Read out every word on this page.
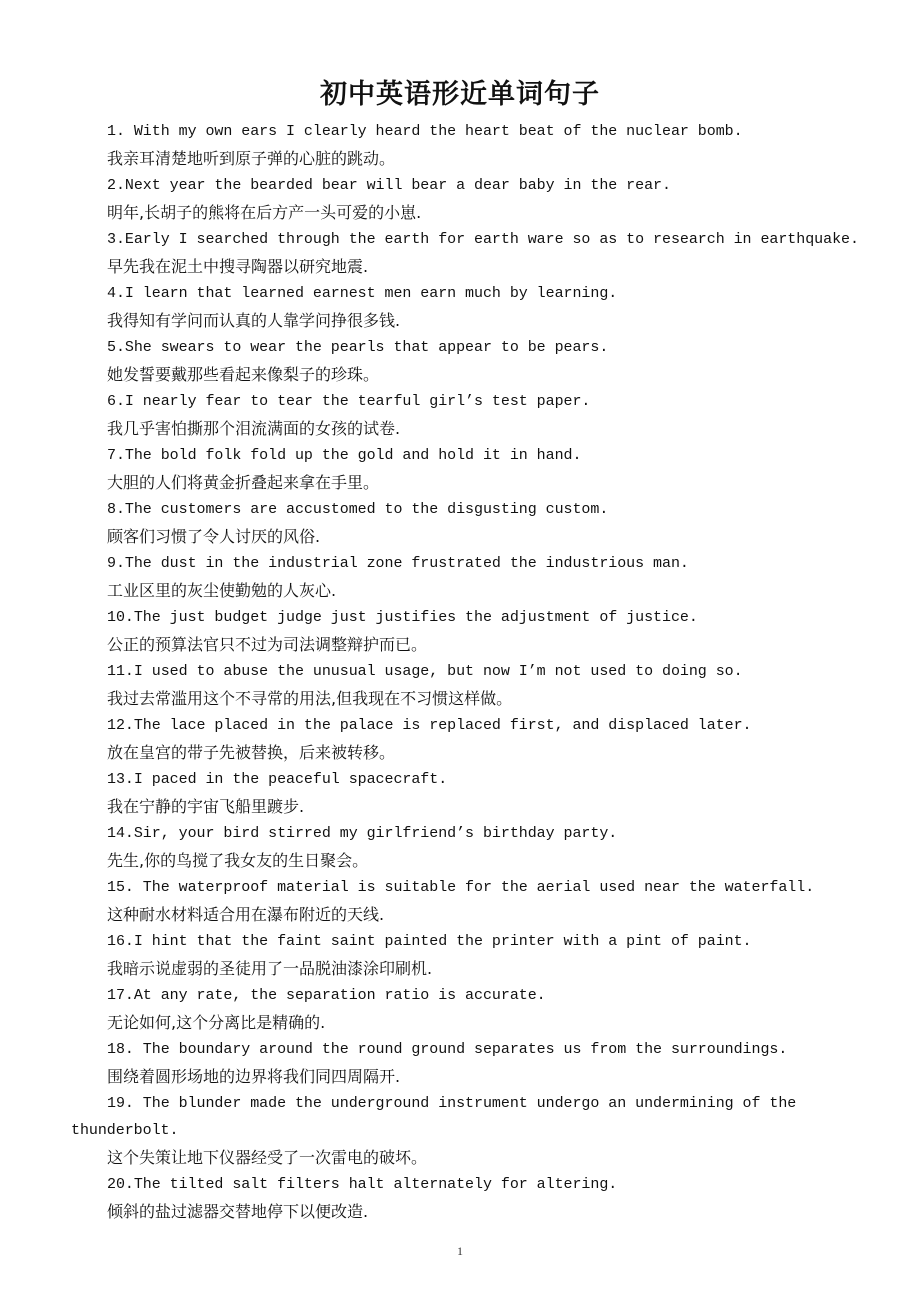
初中英语形近单词句子
1. With my own ears I clearly heard the heart beat of the nuclear bomb.
我亲耳清楚地听到原子弹的心脏的跳动。
2.Next year the bearded bear will bear a dear baby in the rear.
明年,长胡子的熊将在后方产一头可爱的小崽.
3.Early I searched through the earth for earth ware so as to research in earthquake.
早先我在泥土中搜寻陶器以研究地震.
4.I learn that learned earnest men earn much by learning.
我得知有学问而认真的人靠学问挣很多钱.
5.She swears to wear the pearls that appear to be pears.
她发誓要戴那些看起来像梨子的珍珠。
6.I nearly fear to tear the tearful girl’s test paper.
我几乎害怕撕那个泪流满面的女孩的试卷.
7.The bold folk fold up the gold and hold it in hand.
大胆的人们将黄金折叠起来拿在手里。
8.The customers are accustomed to the disgusting custom.
顾客们习惯了令人讨厌的风俗.
9.The dust in the industrial zone frustrated the industrious man.
工业区里的灰尘使勤勉的人灰心.
10.The just budget judge just justifies the adjustment of justice.
公正的预算法官只不过为司法调整辩护而已。
11.I used to abuse the unusual usage, but now I’m not used to doing so.
我过去常滥用这个不寻常的用法,但我现在不习惯这样做。
12.The lace placed in the palace is replaced first, and displaced later.
放在皇宫的带子先被替换，后来被转移。
13.I paced in the peaceful spacecraft.
我在宁静的宇宙飞船里踱步.
14.Sir, your bird stirred my girlfriend’s birthday party.
先生,你的鸟搅了我女友的生日聚会。
15. The waterproof material is suitable for the aerial used near the waterfall.
这种耐水材料适合用在瀑布附近的天线.
16.I hint that the faint saint painted the printer with a pint of paint.
我暗示说虚弱的圣徒用了一品脱油漆涂印刷机.
17.At any rate, the separation ratio is accurate.
无论如何,这个分离比是精确的.
18. The boundary around the round ground separates us from the surroundings.
围绕着圆形场地的边界将我们同四周隔开.
19. The blunder made the underground instrument undergo an undermining of the
thunderbolt.
这个失策让地下仪器经受了一次雷电的破坏。
20.The tilted salt filters halt alternately for altering.
倾斜的盐过滤器交替地停下以便改造.
1
